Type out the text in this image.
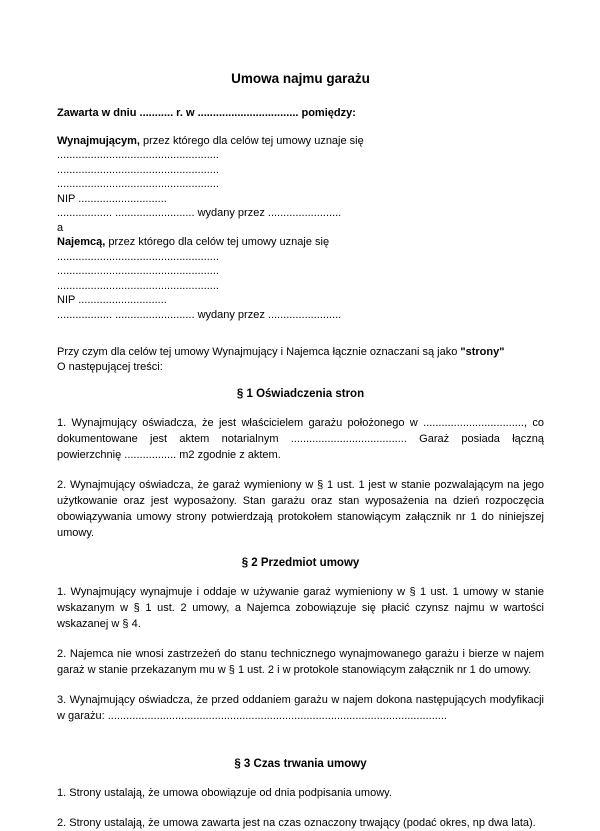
Umowa najmu garażu

Zawarta w dniu ........... r. w ................................. pomiędzy:

Wynajmującym, przez którego dla celów tej umowy uznaje się

.....................................................

.....................................................

.....................................................

NIP .............................

.................. .......................... wydany przez ........................

a

Najemcą, przez którego dla celów tej umowy uznaje się

.....................................................

.....................................................

.....................................................

NIP .............................

.................. .......................... wydany przez ........................

Przy czym dla celów tej umowy Wynajmujący i Najemca łącznie oznaczani są jako "strony"

O następującej treści:

§ 1 Oświadczenia stron

1. Wynajmujący oświadcza, że jest właścicielem garażu położonego w ................................., co dokumentowane jest aktem notarialnym ...................................... Garaż posiada łączną powierzchnię ................. m2 zgodnie z aktem.

2. Wynajmujący oświadcza, że garaż wymieniony w § 1 ust. 1 jest w stanie pozwalającym na jego użytkowanie oraz jest wyposażony. Stan garażu oraz stan wyposażenia na dzień rozpoczęcia obowiązywania umowy strony potwierdzają protokołem stanowiącym załącznik nr 1 do niniejszej umowy.

§ 2 Przedmiot umowy

1. Wynajmujący wynajmuje i oddaje w używanie garaż wymieniony w § 1 ust. 1 umowy w stanie wskazanym w § 1 ust. 2 umowy, a Najemca zobowiązuje się płacić czynsz najmu w wartości wskazanej w § 4.

2. Najemca nie wnosi zastrzeżeń do stanu technicznego wynajmowanego garażu i bierze w najem garaż w stanie przekazanym mu w § 1 ust. 2 i w protokole stanowiącym załącznik nr 1 do umowy.

3. Wynajmujący oświadcza, że przed oddaniem garażu w najem dokona następujących modyfikacji w garażu: ...............................................................................................................

§ 3 Czas trwania umowy

1. Strony ustalają, że umowa obowiązuje od dnia podpisania umowy.

2. Strony ustalają, że umowa zawarta jest na czas oznaczony trwający (podać okres, np dwa lata).
